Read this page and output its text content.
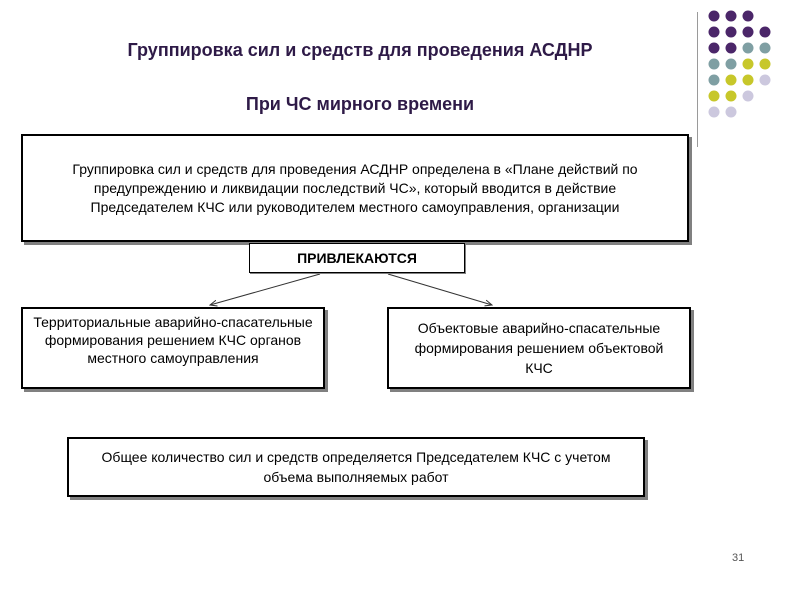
Группировка сил и средств для проведения АСДНР
При ЧС мирного времени
Группировка сил и средств для проведения АСДНР определена в «Плане действий по предупреждению и ликвидации последствий ЧС», который вводится в действие Председателем КЧС или руководителем местного самоуправления, организации
ПРИВЛЕКАЮТСЯ
Территориальные аварийно-спасательные формирования решением КЧС органов местного самоуправления
Объектовые аварийно-спасательные формирования решением объектовой КЧС
Общее количество сил и средств определяется Председателем КЧС с учетом объема выполняемых работ
31
